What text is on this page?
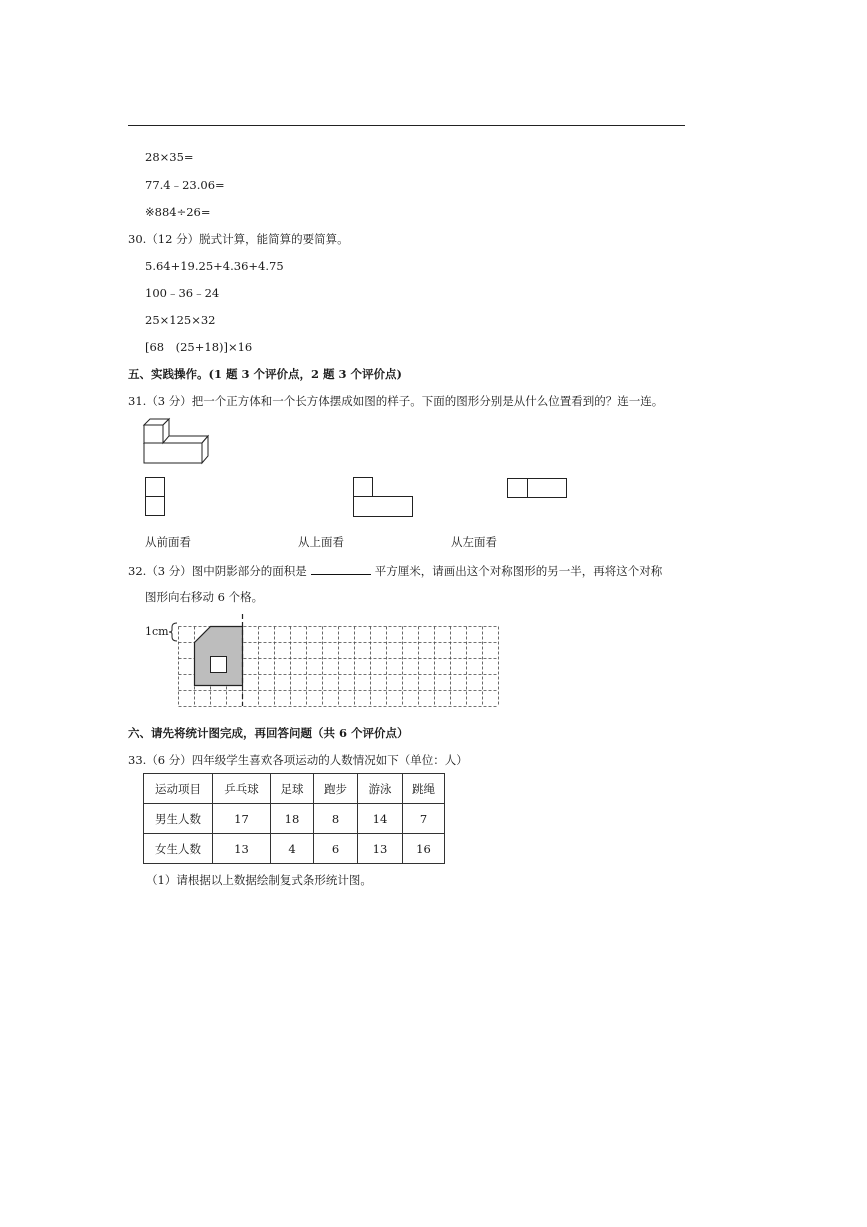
28×35=
77.4﹣23.06=
※884÷26=
30.（12 分）脱式计算，能简算的要简算。
5.64+19.25+4.36+4.75
100﹣36﹣24
25×125×32
[68　(25+18)]×16
五、实践操作。(1 题 3 个评价点，2 题 3 个评价点)
31.（3 分）把一个正方体和一个长方体摆成如图的样子。下面的图形分别是从什么位置看到的？连一连。
从前面看	从上面看	从左面看
32.（3 分）图中阴影部分的面积是	平方厘米，请画出这个对称图形的另一半，再将这个对称
图形向右移动 6 个格。
1cm
六、请先将统计图完成，再回答问题（共 6 个评价点）
33.（6 分）四年级学生喜欢各项运动的人数情况如下（单位：人）
运动项目	乒乓球	足球	跑步	游泳	跳绳
男生人数	17	18	8	14	7
女生人数	13	4	6	13	16
（1）请根据以上数据绘制复式条形统计图。
